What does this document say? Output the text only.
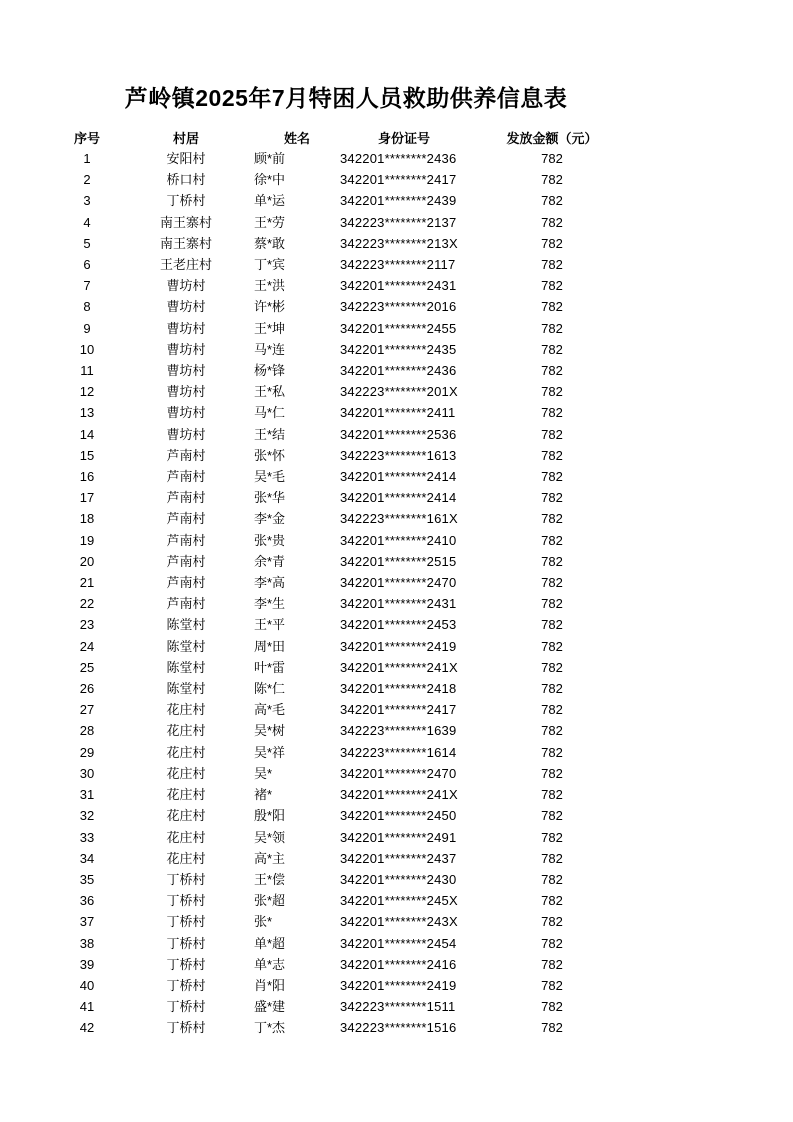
芦岭镇2025年7月特困人员救助供养信息表
序号	村居	姓名	身份证号	发放金额（元）
1	安阳村	顾*前	342201********2436	782
2	桥口村	徐*中	342201********2417	782
3	丁桥村	单*运	342201********2439	782
4	南王寨村	王*劳	342223********2137	782
5	南王寨村	蔡*敢	342223********213X	782
6	王老庄村	丁*宾	342223********2117	782
7	曹坊村	王*洪	342201********2431	782
8	曹坊村	许*彬	342223********2016	782
9	曹坊村	王*坤	342201********2455	782
10	曹坊村	马*连	342201********2435	782
11	曹坊村	杨*锋	342201********2436	782
12	曹坊村	王*私	342223********201X	782
13	曹坊村	马*仁	342201********2411	782
14	曹坊村	王*结	342201********2536	782
15	芦南村	张*怀	342223********1613	782
16	芦南村	吴*毛	342201********2414	782
17	芦南村	张*华	342201********2414	782
18	芦南村	李*金	342223********161X	782
19	芦南村	张*贵	342201********2410	782
20	芦南村	余*青	342201********2515	782
21	芦南村	李*高	342201********2470	782
22	芦南村	李*生	342201********2431	782
23	陈堂村	王*平	342201********2453	782
24	陈堂村	周*田	342201********2419	782
25	陈堂村	叶*雷	342201********241X	782
26	陈堂村	陈*仁	342201********2418	782
27	花庄村	高*毛	342201********2417	782
28	花庄村	吴*树	342223********1639	782
29	花庄村	吴*祥	342223********1614	782
30	花庄村	吴*	342201********2470	782
31	花庄村	褚*	342201********241X	782
32	花庄村	殷*阳	342201********2450	782
33	花庄村	吴*领	342201********2491	782
34	花庄村	高*主	342201********2437	782
35	丁桥村	王*偿	342201********2430	782
36	丁桥村	张*超	342201********245X	782
37	丁桥村	张*	342201********243X	782
38	丁桥村	单*超	342201********2454	782
39	丁桥村	单*志	342201********2416	782
40	丁桥村	肖*阳	342201********2419	782
41	丁桥村	盛*建	342223********1511	782
42	丁桥村	丁*杰	342223********1516	782
